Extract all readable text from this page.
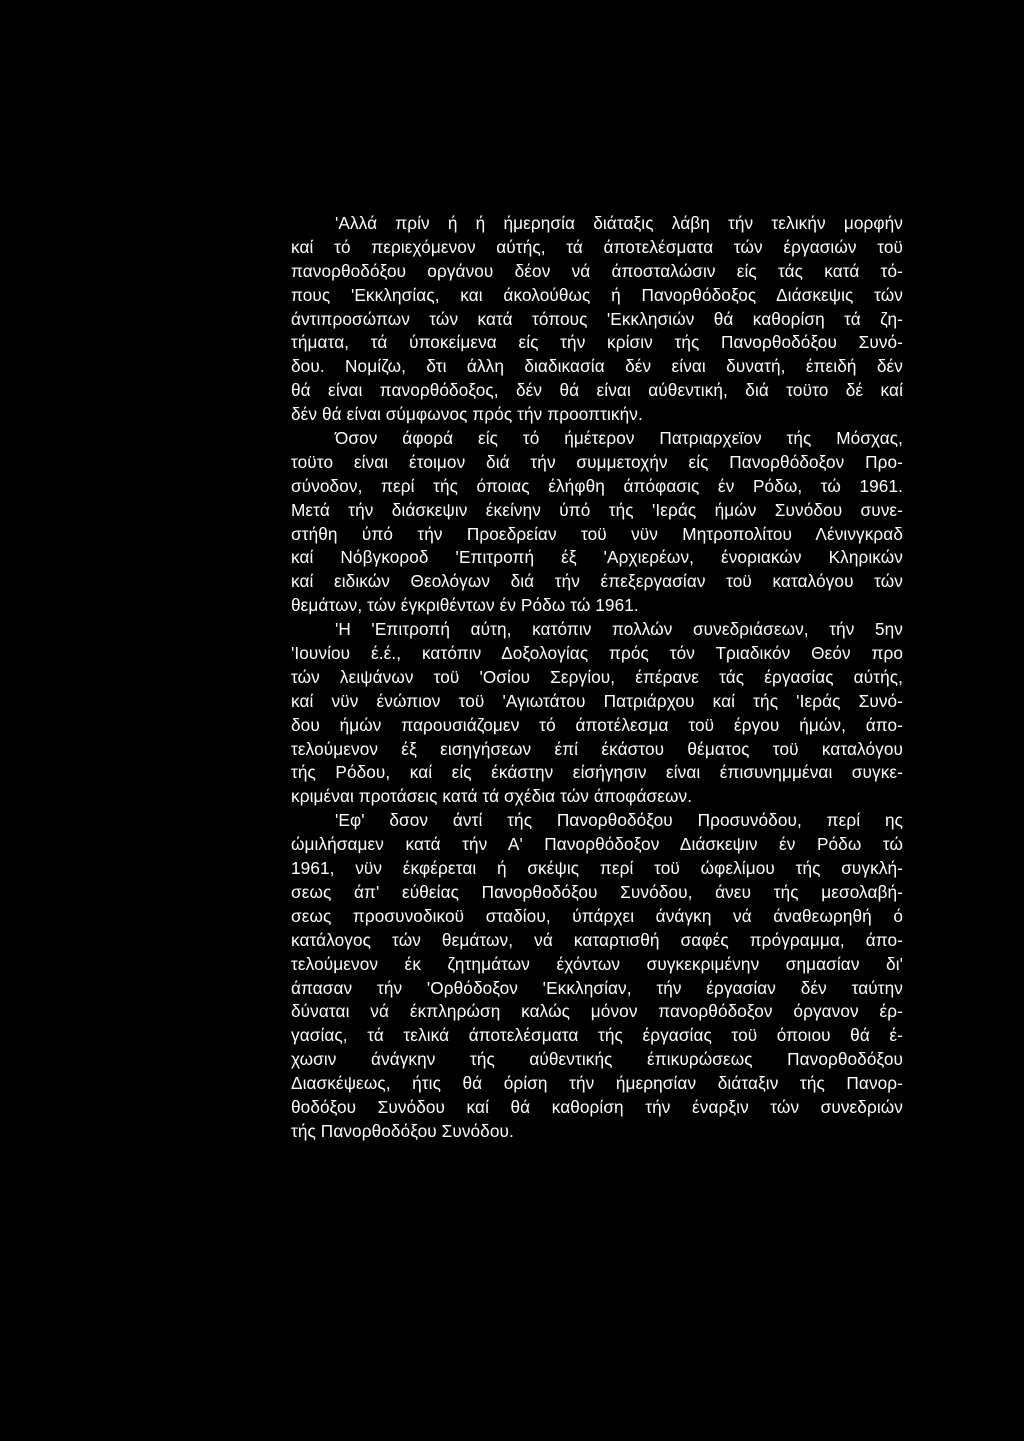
'Αλλά πρίν ή ή ήμερησία διάταξις λάβη τήν τελικήν μορφήν
καί τό περιεχόμενον αύτής, τά άποτελέσματα τών έργασιών τοϋ
πανορθοδόξου οργάνου δέον νά άποσταλώσιν είς τάς κατά τό-
πους 'Εκκλησίας, και άκολούθως ή Πανορθόδοξος Διάσκεψις τών
άντιπροσώπων τών κατά τόπους 'Εκκλησιών θά καθορίση τά ζη-
τήματα, τά ύποκείμενα είς τήν κρίσιν τής Πανορθοδόξου Συνό-
δου. Νομίζω, δτι άλλη διαδικασία δέν είναι δυνατή, έπειδή δέν
θά είναι πανορθόδοξος, δέν θά είναι αύθεντική, διά τοϋτο δέ καί
δέν θά είναι σύμφωνος πρός τήν προοπτικήν.
Όσον άφορά είς τό ήμέτερον Πατριαρχεϊον τής Μόσχας,
τοϋτο είναι έτοιμον διά τήν συμμετοχήν είς Πανορθόδοξον Προ-
σύνοδον, περί τής όποιας έλήφθη άπόφασις έν Ρόδω, τώ 1961.
Μετά τήν διάσκεψιν έκείνην ύπό τής 'Ιεράς ήμών Συνόδου συνε-
στήθη ύπό τήν Προεδρείαν τοϋ νϋν Μητροπολίτου Λένινγκραδ
καί Νόβγκοροδ 'Επιτροπή έξ 'Αρχιερέων, ένοριακών Κληρικών
καί ειδικών Θεολόγων διά τήν έπεξεργασίαν τοϋ καταλόγου τών
θεμάτων, τών έγκριθέντων έν Ρόδω τώ 1961.
'Η 'Επιτροπή αύτη, κατόπιν πολλών συνεδριάσεων, τήν 5ην
'Ιουνίου έ.έ., κατόπιν Δοξολογίας πρός τόν Τριαδικόν Θεόν προ
τών λειψάνων τοϋ 'Οσίου Σεργίου, έπέρανε τάς έργασίας αύτής,
καί νϋν ένώπιον τοϋ 'Αγιωτάτου Πατριάρχου καί τής 'Ιεράς Συνό-
δου ήμών παρουσιάζομεν τό άποτέλεσμα τοϋ έργου ήμών, άπο-
τελούμενον έξ εισηγήσεων έπί έκάστου θέματος τοϋ καταλόγου
τής Ρόδου, καί είς έκάστην είσήγησιν είναι έπισυνημμέναι συγκε-
κριμέναι προτάσεις κατά τά σχέδια τών άποφάσεων.
'Εφ' δσον άντί τής Πανορθοδόξου Προσυνόδου, περί ης
ώμιλήσαμεν κατά τήν Α' Πανορθόδοξον Διάσκεψιν έν Ρόδω τώ
1961, νϋν έκφέρεται ή σκέψις περί τοϋ ώφελίμου τής συγκλή-
σεως άπ' εύθείας Πανορθοδόξου Συνόδου, άνευ τής μεσολαβή-
σεως προσυνοδικοϋ σταδίου, ύπάρχει άνάγκη νά άναθεωρηθή ό
κατάλογος τών θεμάτων, νά καταρτισθή σαφές πρόγραμμα, άπο-
τελούμενον έκ ζητημάτων έχόντων συγκεκριμένην σημασίαν δι'
άπασαν τήν 'Ορθόδοξον 'Εκκλησίαν, τήν έργασίαν δέν ταύτην
δύναται νά έκπληρώση καλώς μόνον πανορθόδοξον όργανον έρ-
γασίας, τά τελικά άποτελέσματα τής έργασίας τοϋ όποιου θά έ-
χωσιν άνάγκην τής αύθεντικής έπικυρώσεως Πανορθοδόξου
Διασκέψεως, ήτις θά όρίση τήν ήμερησίαν διάταξιν τής Πανορ-
θοδόξου Συνόδου καί θά καθορίση τήν έναρξιν τών συνεδριών
τής Πανορθοδόξου Συνόδου.
